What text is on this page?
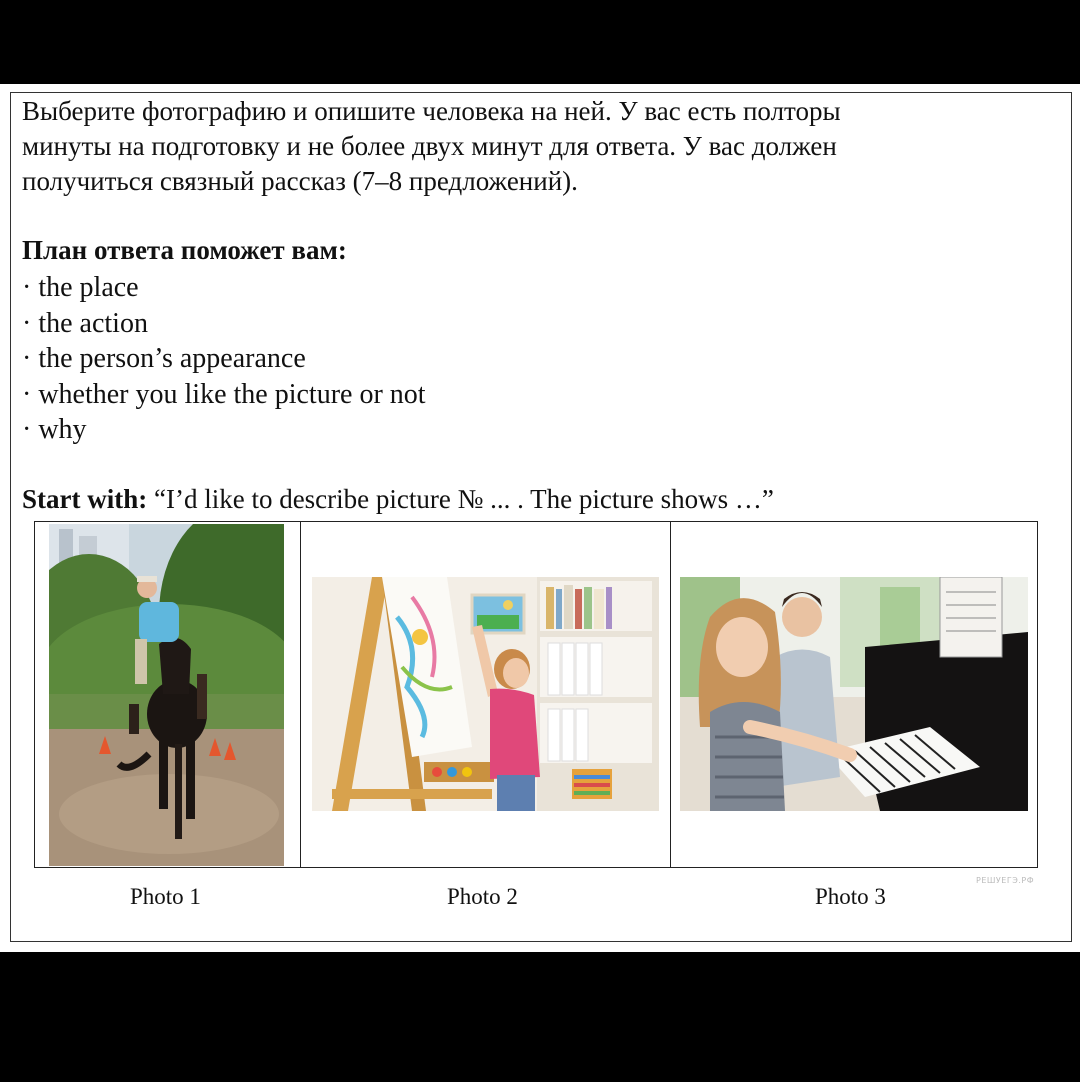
Выберите фотографию и опишите человека на ней. У вас есть полторы
минуты на подготовку и не более двух минут для ответа. У вас должен
получиться связный рассказ (7–8 предложений).

План ответа поможет вам:

· the place
· the action
· the person’s appearance
· whether you like the picture or not
· why

Start with: “I’d like to describe picture № ... . The picture shows …”

РЕШУЕГЭ.РФ
Photo 1	Photo 2	Photo 3
